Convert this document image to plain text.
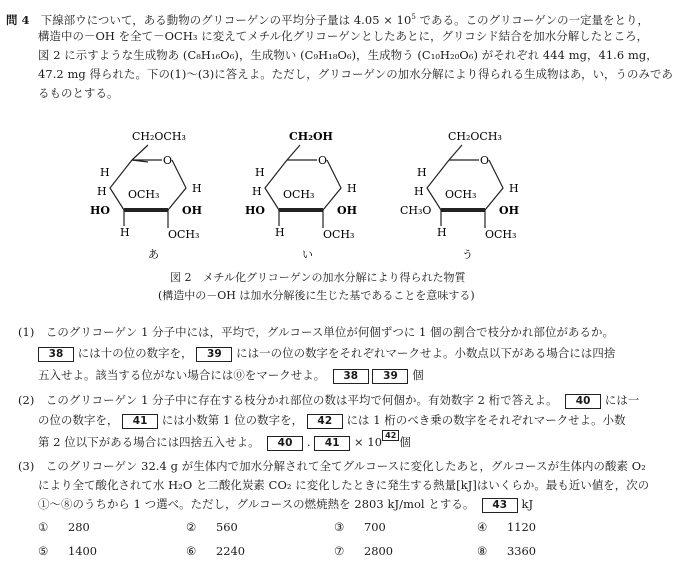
問 4 下線部ウについて，ある動物のグリコーゲンの平均分子量は $4.05 \times 10^5$ である。このグリコーゲンの一定量をとり，
構造中の－OH を全て－OCH₃ に変えてメチル化グリコーゲンとしたあとに，グリコシド結合を加水分解したところ，
図 2 に示すような生成物あ (C₈H₁₆O₆)，生成物い (C₉H₁₈O₆)，生成物う (C₁₀H₂₀O₆) がそれぞれ 444 mg，41.6 mg，
47.2 mg 得られた。下の(1)～(3)に答えよ。ただし，グリコーゲンの加水分解により得られる生成物はあ，い，うのみであ
るものとする。
CH₂OCH₃
O
H
H
H OCH₃
HO	OH
H	OCH₃
あ
CH₂OH
O
H
H
H OCH₃
HO	OH
H	OCH₃
い
CH₂OCH₃
O
H
H
H OCH₃
CH₃O	OH
H	OCH₃
う
図 2　メチル化グリコーゲンの加水分解により得られた物質
(構造中の－OH は加水分解後に生じた基であることを意味する)
(1)　このグリコーゲン 1 分子中には，平均で，グルコース単位が何個ずつに 1 個の割合で枝分かれ部位があるか。
38 には十の位の数字を， 39 には一の位の数字をそれぞれマークせよ。小数点以下がある場合には四捨
五入せよ。該当する位がない場合には⓪をマークせよ。 38 39 個
(2)　このグリコーゲン 1 分子中に存在する枝分かれ部位の数は平均で何個か。有効数字 2 桁で答えよ。 40 には一
の位の数字を， 41 には小数第 1 位の数字を， 42 には 1 桁のべき乗の数字をそれぞれマークせよ。小数
第 2 位以下がある場合には四捨五入せよ。 40 . 41 × 10 42 個
(3)　このグリコーゲン 32.4 g が生体内で加水分解されて全てグルコースに変化したあと，グルコースが生体内の酸素 O₂
により全て酸化されて水 H₂O と二酸化炭素 CO₂ に変化したときに発生する熱量[kJ]はいくらか。最も近い値を，次の
①～⑧のうちから 1 つ選べ。ただし，グルコースの燃焼熱を 2803 kJ/mol とする。 43 kJ
① 280	② 560	③ 700	④ 1120
⑤ 1400	⑥ 2240	⑦ 2800	⑧ 3360
